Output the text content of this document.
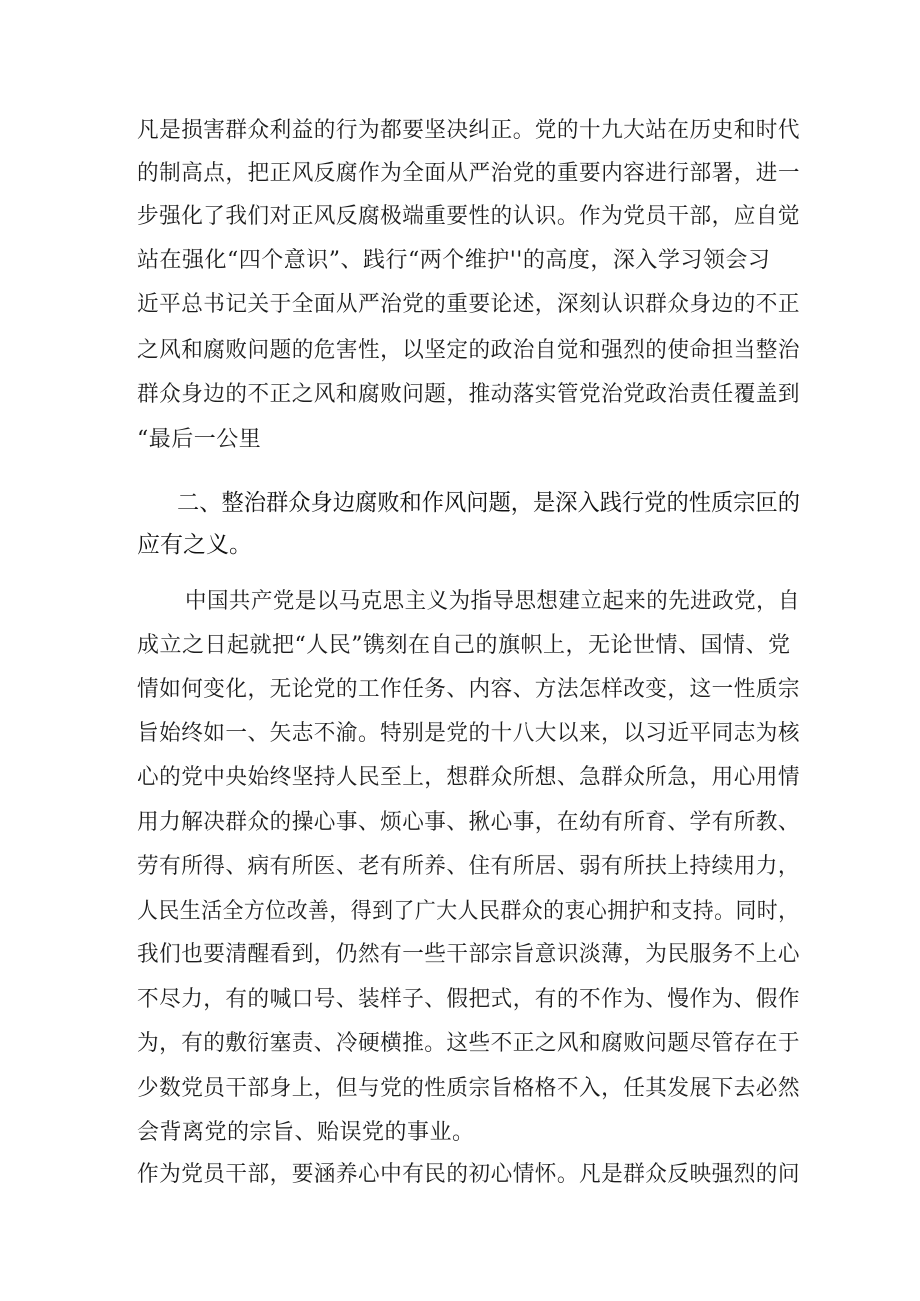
凡是损害群众利益的行为都要坚决纠正。党的十九大站在历史和时代

的制高点，把正风反腐作为全面从严治党的重要内容进行部署，进一

步强化了我们对正风反腐极端重要性的认识。作为党员干部，应自觉

站在强化“四个意识”、践行“两个维护''的高度，深入学习领会习

近平总书记关于全面从严治党的重要论述，深刻认识群众身边的不正

之风和腐败问题的危害性，以坚定的政治自觉和强烈的使命担当整治

群众身边的不正之风和腐败问题，推动落实管党治党政治责任覆盖到

“最后一公里

二、整治群众身边腐败和作风问题，是深入践行党的性质宗叵的

应有之义。

中国共产党是以马克思主义为指导思想建立起来的先进政党，自

成立之日起就把“人民”镌刻在自己的旗帜上，无论世情、国情、党

情如何变化，无论党的工作任务、内容、方法怎样改变，这一性质宗

旨始终如一、矢志不渝。特别是党的十八大以来，以习近平同志为核

心的党中央始终坚持人民至上，想群众所想、急群众所急，用心用情

用力解决群众的操心事、烦心事、揪心事，在幼有所育、学有所教、

劳有所得、病有所医、老有所养、住有所居、弱有所扶上持续用力，

人民生活全方位改善，得到了广大人民群众的衷心拥护和支持。同时，

我们也要清醒看到，仍然有一些干部宗旨意识淡薄，为民服务不上心

不尽力，有的喊口号、装样子、假把式，有的不作为、慢作为、假作

为，有的敷衍塞责、冷硬横推。这些不正之风和腐败问题尽管存在于

少数党员干部身上，但与党的性质宗旨格格不入，任其发展下去必然

会背离党的宗旨、贻误党的事业。

作为党员干部，要涵养心中有民的初心情怀。凡是群众反映强烈的问
